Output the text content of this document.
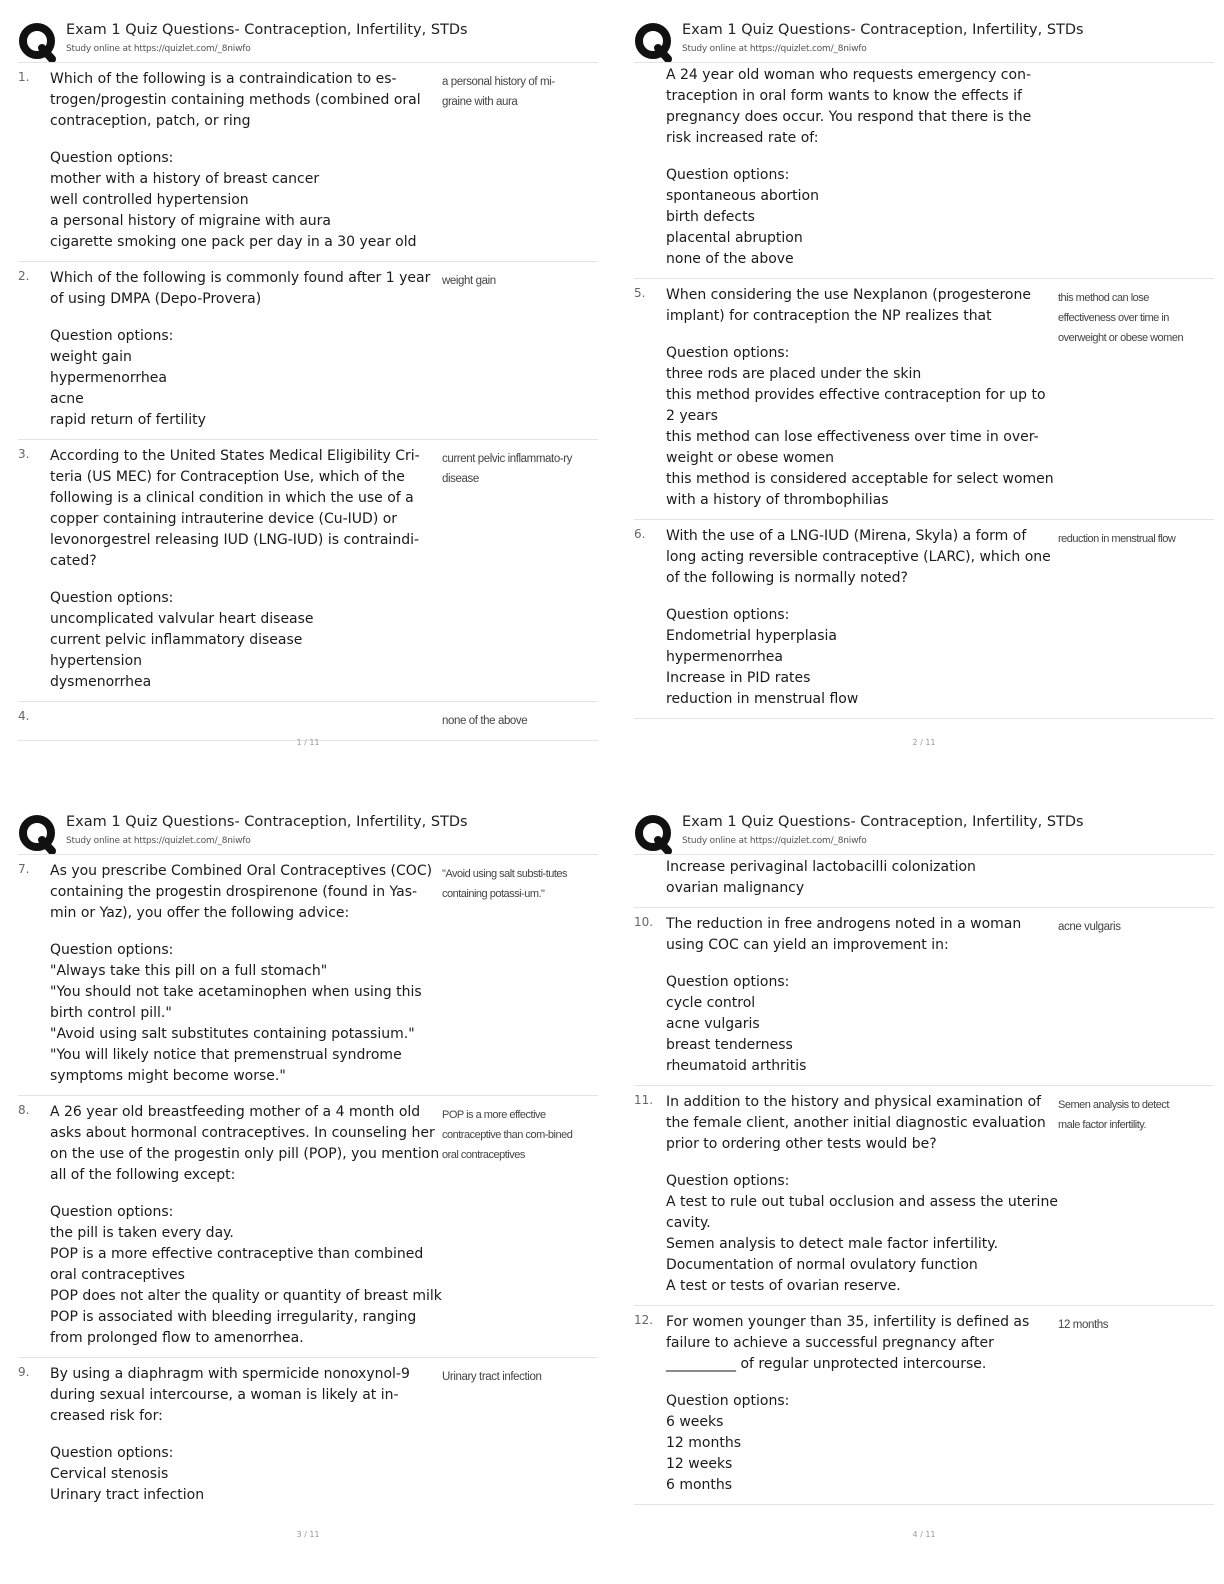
Exam 1 Quiz Questions- Contraception, Infertility, STDs
Study online at https://quizlet.com/_8niwfo
1. Which of the following is a contraindication to es-trogen/progestin containing methods (combined oral contraception, patch, or ring
Question options:
mother with a history of breast cancer
well controlled hypertension
a personal history of migraine with aura
cigarette smoking one pack per day in a 30 year old
a personal history of mi-graine with aura
2. Which of the following is commonly found after 1 year of using DMPA (Depo-Provera)
Question options:
weight gain
hypermenorrhea
acne
rapid return of fertility
weight gain
3. According to the United States Medical Eligibility Cri-teria (US MEC) for Contraception Use, which of the following is a clinical condition in which the use of a copper containing intrauterine device (Cu-IUD) or levonorgestrel releasing IUD (LNG-IUD) is contraindi-cated?
Question options:
uncomplicated valvular heart disease
current pelvic inflammatory disease
hypertension
dysmenorrhea
current pelvic inflammato-ry disease
4.	none of the above
1 / 11
Exam 1 Quiz Questions- Contraception, Infertility, STDs
Study online at https://quizlet.com/_8niwfo
A 24 year old woman who requests emergency con-traception in oral form wants to know the effects if pregnancy does occur. You respond that there is the risk increased rate of:
Question options:
spontaneous abortion
birth defects
placental abruption
none of the above
5. When considering the use Nexplanon (progesterone implant) for contraception the NP realizes that
Question options:
three rods are placed under the skin
this method provides effective contraception for up to 2 years
this method can lose effectiveness over time in over-weight or obese women
this method is considered acceptable for select women with a history of thrombophilias
this method can lose effectiveness over time in overweight or obese women
6. With the use of a LNG-IUD (Mirena, Skyla) a form of long acting reversible contraceptive (LARC), which one of the following is normally noted?
Question options:
Endometrial hyperplasia
hypermenorrhea
Increase in PID rates
reduction in menstrual flow
reduction in menstrual flow
2 / 11
Exam 1 Quiz Questions- Contraception, Infertility, STDs
Study online at https://quizlet.com/_8niwfo
7. As you prescribe Combined Oral Contraceptives (COC) containing the progestin drospirenone (found in Yas-min or Yaz), you offer the following advice:
Question options:
"Always take this pill on a full stomach"
"You should not take acetaminophen when using this birth control pill."
"Avoid using salt substitutes containing potassium."
"You will likely notice that premenstrual syndrome symptoms might become worse."
"Avoid using salt substi-tutes containing potassi-um."
8. A 26 year old breastfeeding mother of a 4 month old asks about hormonal contraceptives. In counseling her on the use of the progestin only pill (POP), you mention all of the following except:
Question options:
the pill is taken every day.
POP is a more effective contraceptive than combined oral contraceptives
POP does not alter the quality or quantity of breast milk
POP is associated with bleeding irregularity, ranging from prolonged flow to amenorrhea.
POP is a more effective contraceptive than com-bined oral contraceptives
9. By using a diaphragm with spermicide nonoxynol-9 during sexual intercourse, a woman is likely at in-creased risk for:
Question options:
Cervical stenosis
Urinary tract infection
Urinary tract infection
3 / 11
Exam 1 Quiz Questions- Contraception, Infertility, STDs
Study online at https://quizlet.com/_8niwfo
Increase perivaginal lactobacilli colonization
ovarian malignancy
10. The reduction in free androgens noted in a woman using COC can yield an improvement in:
Question options:
cycle control
acne vulgaris
breast tenderness
rheumatoid arthritis
acne vulgaris
11. In addition to the history and physical examination of the female client, another initial diagnostic evaluation prior to ordering other tests would be?
Question options:
A test to rule out tubal occlusion and assess the uterine cavity.
Semen analysis to detect male factor infertility.
Documentation of normal ovulatory function
A test or tests of ovarian reserve.
Semen analysis to detect male factor infertility.
12. For women younger than 35, infertility is defined as failure to achieve a successful pregnancy after __________ of regular unprotected intercourse.
Question options:
6 weeks
12 months
12 weeks
6 months
12 months
4 / 11
